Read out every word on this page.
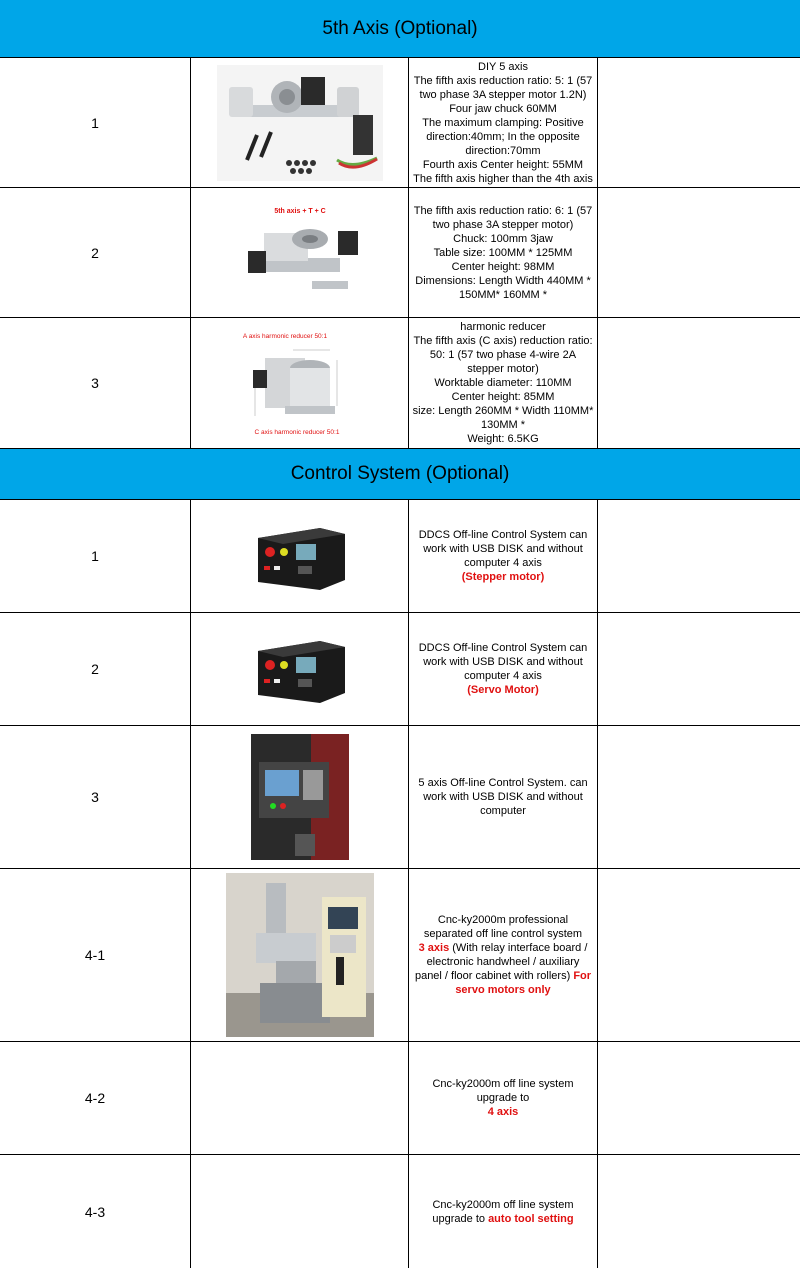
5th Axis (Optional)
1
DIY 5 axis
The fifth axis reduction ratio: 5: 1 (57 two phase 3A stepper motor 1.2N)
Four jaw chuck 60MM
The maximum clamping: Positive direction:40mm; In the opposite direction:70mm
Fourth axis Center height: 55MM
The fifth axis higher than the 4th axis
2
5th axis + T + C	The fifth axis reduction ratio: 6: 1 (57 two phase 3A stepper motor)
Chuck: 100mm 3jaw
Table size: 100MM * 125MM
Center height: 98MM
Dimensions: Length Width 440MM * 150MM* 160MM *
3
A axis harmonic reducer 50:1
C axis harmonic reducer 50:1
harmonic reducer
The fifth axis (C axis) reduction ratio: 50: 1 (57 two phase 4-wire 2A stepper motor)
Worktable diameter: 110MM
Center height: 85MM
size: Length 260MM * Width 110MM* 130MM *
Weight: 6.5KG
Control System (Optional)
1
DDCS Off-line Control System can work with USB DISK and without computer 4 axis
(Stepper motor)
2
DDCS Off-line Control System can work with USB DISK and without computer 4 axis
(Servo Motor)
3
5 axis Off-line Control System. can work with USB DISK and without computer
4-1
Cnc-ky2000m professional separated off line control system
3 axis (With relay interface board / electronic handwheel / auxiliary panel / floor cabinet with rollers) For servo motors only
4-2
Cnc-ky2000m off line system upgrade to
4 axis
4-3	Cnc-ky2000m off line system upgrade to auto tool setting
